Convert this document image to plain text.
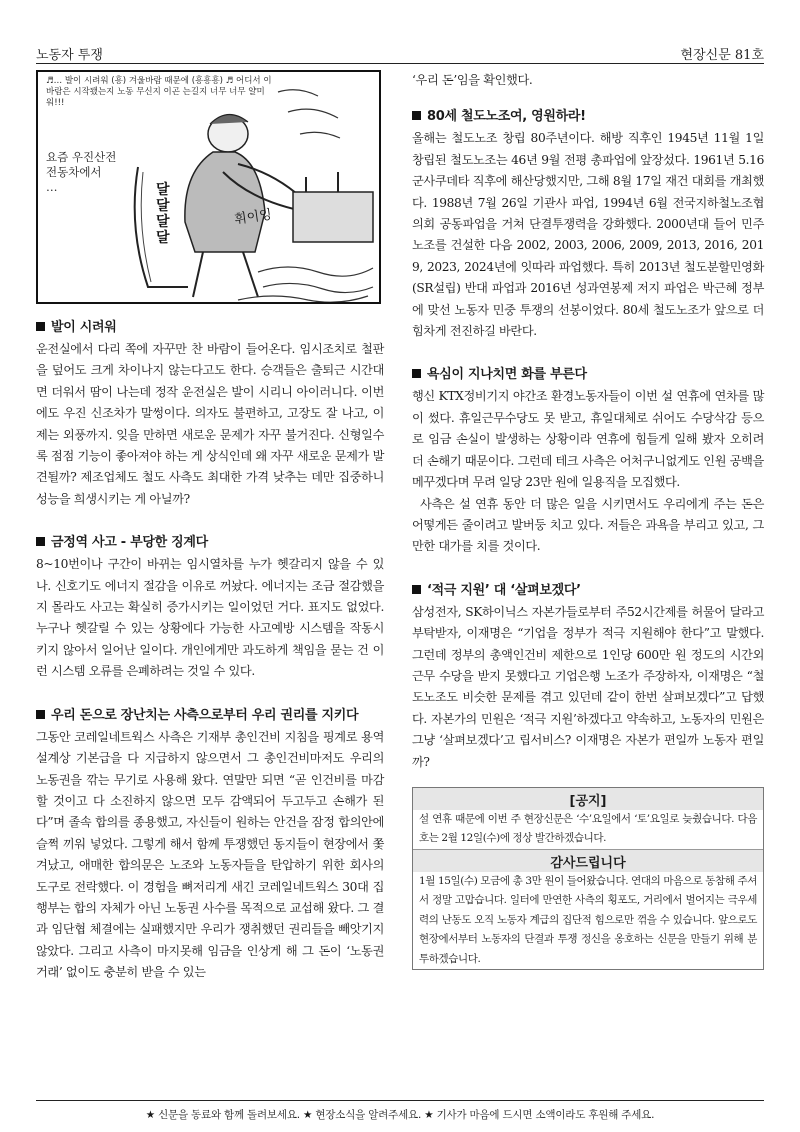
노동자 투쟁	현장신문 81호
♬… 발이 시려워 (흥) 겨울바람 때문에 (흥흥흥) ♬ 어디서 이 바람은 시작됐는지 노동 무신지 이곤 는길지 너무 너무 얄미워!!!
요즘 우진산전
전동차에서
…	달달달달
휘이잉
발이 시려워

운전실에서 다리 쪽에 자꾸만 찬 바람이 들어온다. 임시조치로 철판을 덮어도 크게 차이나지 않는다고도 한다. 승객들은 출퇴근 시간대면 더워서 땀이 나는데 정작 운전실은 발이 시리니 아이러니다. 이번에도 우진 신조차가 말썽이다. 의자도 불편하고, 고장도 잘 나고, 이제는 외풍까지. 잊을 만하면 새로운 문제가 자꾸 불거진다. 신형일수록 점점 기능이 좋아져야 하는 게 상식인데 왜 자꾸 새로운 문제가 발견될까? 제조업체도 철도 사측도 최대한 가격 낮추는 데만 집중하니 성능을 희생시키는 게 아닐까?

금정역 사고 - 부당한 징계다

8~10번이나 구간이 바뀌는 임시열차를 누가 헷갈리지 않을 수 있나. 신호기도 에너지 절감을 이유로 꺼놨다. 에너지는 조금 절감했을지 몰라도 사고는 확실히 증가시키는 일이었던 거다. 표지도 없었다. 누구나 헷갈릴 수 있는 상황에다 가능한 사고예방 시스템을 작동시키지 않아서 일어난 일이다. 개인에게만 과도하게 책임을 묻는 건 이런 시스템 오류를 은폐하려는 것일 수 있다.

우리 돈으로 장난치는 사측으로부터 우리 권리를 지키다

그동안 코레일네트웍스 사측은 기재부 총인건비 지침을 핑계로 용역 설계상 기본급을 다 지급하지 않으면서 그 총인건비마저도 우리의 노동권을 깎는 무기로 사용해 왔다. 연말만 되면 “곧 인건비를 마감할 것이고 다 소진하지 않으면 모두 감액되어 두고두고 손해가 된다”며 졸속 합의를 종용했고, 자신들이 원하는 안건을 잠정 합의안에 슬쩍 끼워 넣었다. 그렇게 해서 함께 투쟁했던 동지들이 현장에서 쫓겨났고, 애매한 합의문은 노조와 노동자들을 탄압하기 위한 회사의 도구로 전락했다. 이 경험을 뼈저리게 새긴 코레일네트웍스 30대 집행부는 합의 자체가 아닌 노동권 사수를 목적으로 교섭해 왔다. 그 결과 임단협 체결에는 실패했지만 우리가 쟁취했던 권리들을 빼앗기지 않았다. 그리고 사측이 마지못해 임금을 인상게 해 그 돈이 ‘노동권 거래’ 없이도 충분히 받을 수 있는

‘우리 돈’임을 확인했다.

80세 철도노조여, 영원하라!

올해는 철도노조 창립 80주년이다. 해방 직후인 1945년 11월 1일 창립된 철도노조는 46년 9월 전평 총파업에 앞장섰다. 1961년 5.16 군사쿠데타 직후에 해산당했지만, 그해 8월 17일 재건 대회를 개최했다. 1988년 7월 26일 기관사 파업, 1994년 6월 전국지하철노조협의회 공동파업을 거쳐 단결투쟁력을 강화했다. 2000년대 들어 민주노조를 건설한 다음 2002, 2003, 2006, 2009, 2013, 2016, 2019, 2023, 2024년에 잇따라 파업했다. 특히 2013년 철도분할민영화(SR설립) 반대 파업과 2016년 성과연봉제 저지 파업은 박근혜 정부에 맞선 노동자 민중 투쟁의 선봉이었다. 80세 철도노조가 앞으로 더 힘차게 전진하길 바란다.

욕심이 지나치면 화를 부른다

행신 KTX정비기지 야간조 환경노동자들이 이번 설 연휴에 연차를 많이 썼다. 휴일근무수당도 못 받고, 휴일대체로 쉬어도 수당삭감 등으로 임금 손실이 발생하는 상황이라 연휴에 힘들게 일해 봤자 오히려 더 손해기 때문이다. 그런데 테크 사측은 어처구니없게도 인원 공백을 메꾸겠다며 무려 일당 23만 원에 일용직을 모집했다.

사측은 설 연휴 동안 더 많은 일을 시키면서도 우리에게 주는 돈은 어떻게든 줄이려고 발버둥 치고 있다. 저들은 과욕을 부리고 있고, 그만한 대가를 치를 것이다.

‘적극 지원’ 대 ‘살펴보겠다’

삼성전자, SK하이닉스 자본가들로부터 주52시간제를 허물어 달라고 부탁받자, 이재명은 “기업을 정부가 적극 지원해야 한다”고 말했다. 그런데 정부의 총액인건비 제한으로 1인당 600만 원 정도의 시간외 근무 수당을 받지 못했다고 기업은행 노조가 주장하자, 이재명은 “철도노조도 비슷한 문제를 겪고 있던데 같이 한번 살펴보겠다”고 답했다. 자본가의 민원은 ‘적극 지원’하겠다고 약속하고, 노동자의 민원은 그냥 ‘살펴보겠다’고 립서비스? 이재명은 자본가 편일까 노동자 편일까?

[공지]
설 연휴 때문에 이번 주 현장신문은 ‘수’요일에서 ‘토’요일로 늦췄습니다. 다음 호는 2월 12일(수)에 정상 발간하겠습니다.
감사드립니다
1월 15일(수) 모금에 총 3만 원이 들어왔습니다. 연대의 마음으로 동참해 주셔서 정말 고맙습니다. 일터에 만연한 사측의 횡포도, 거리에서 벌어지는 극우세력의 난동도 오직 노동자 계급의 집단적 힘으로만 꺾을 수 있습니다. 앞으로도 현장에서부터 노동자의 단결과 투쟁 정신을 옹호하는 신문을 만들기 위해 분투하겠습니다.
★ 신문을 동료와 함께 돌려보세요. ★ 현장소식을 알려주세요. ★ 기사가 마음에 드시면 소액이라도 후원해 주세요.
